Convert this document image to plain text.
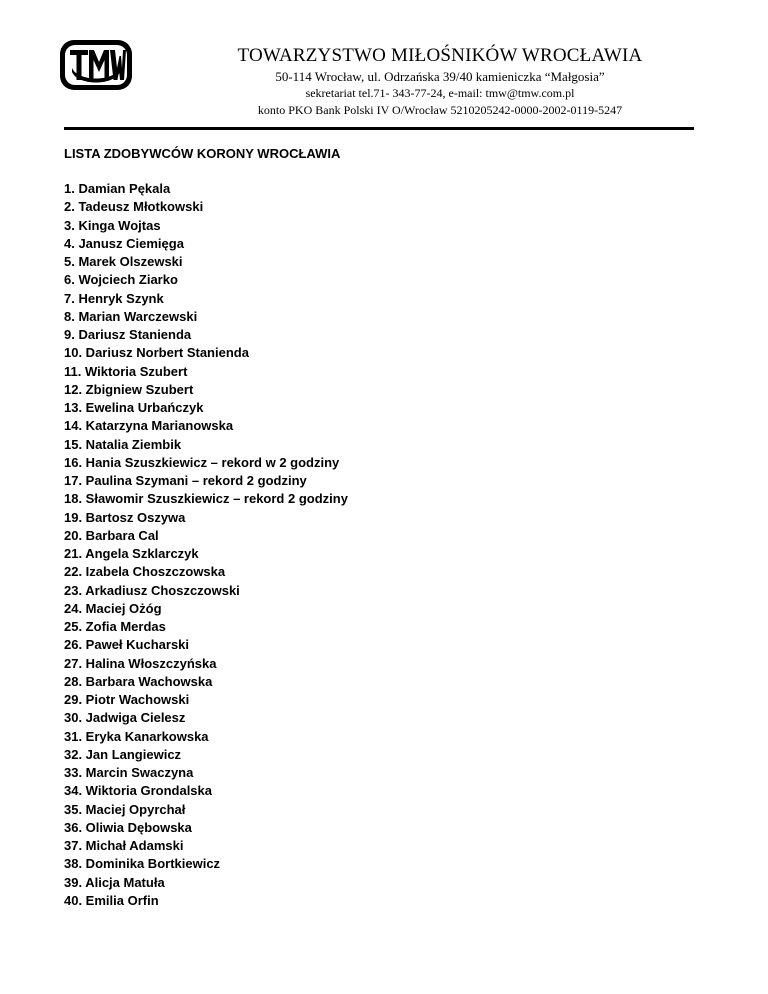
TMW
TOWARZYSTWO MIŁOŚNIKÓW WROCŁAWIA
50-114 Wrocław, ul. Odrzańska 39/40 kamieniczka “Małgosia”
sekretariat tel.71- 343-77-24, e-mail: tmw@tmw.com.pl
konto PKO Bank Polski IV O/Wrocław 5210205242-0000-2002-0119-5247
LISTA ZDOBYWCÓW KORONY WROCŁAWIA
1. Damian Pękala
2. Tadeusz Młotkowski
3. Kinga Wojtas
4. Janusz Ciemięga
5. Marek Olszewski
6. Wojciech Ziarko
7. Henryk Szynk
8. Marian Warczewski
9. Dariusz Stanienda
10. Dariusz Norbert Stanienda
11. Wiktoria Szubert
12. Zbigniew Szubert
13. Ewelina Urbańczyk
14. Katarzyna Marianowska
15. Natalia Ziembik
16. Hania Szuszkiewicz – rekord w 2 godziny
17. Paulina Szymani – rekord 2 godziny
18. Sławomir Szuszkiewicz – rekord 2 godziny
19. Bartosz Oszywa
20. Barbara Cal
21. Angela Szklarczyk
22. Izabela Choszczowska
23. Arkadiusz Choszczowski
24. Maciej Ożóg
25. Zofia Merdas
26. Paweł Kucharski
27. Halina Włoszczyńska
28. Barbara Wachowska
29. Piotr Wachowski
30. Jadwiga Cielesz
31. Eryka Kanarkowska
32. Jan Langiewicz
33. Marcin Swaczyna
34. Wiktoria Grondalska
35. Maciej Opyrchał
36. Oliwia Dębowska
37. Michał Adamski
38. Dominika Bortkiewicz
39. Alicja Matuła
40. Emilia Orfin
